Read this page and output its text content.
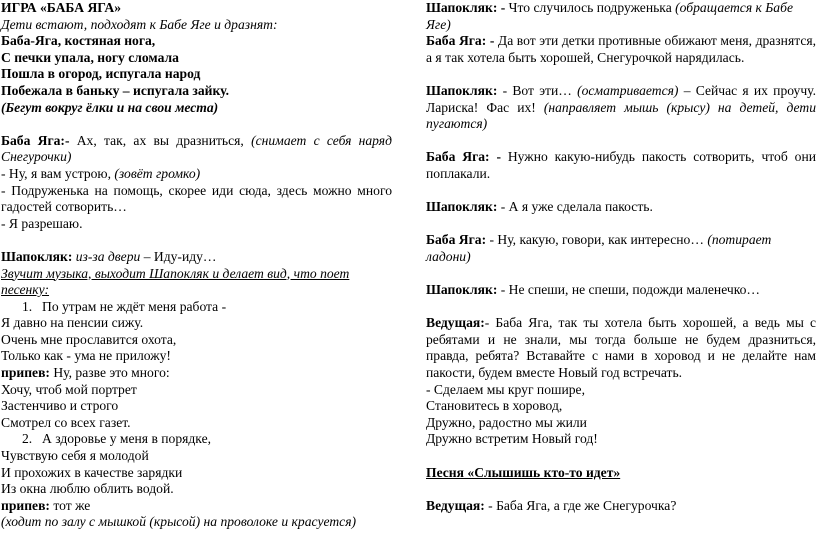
ИГРА «БАБА ЯГА»

Дети встают, подходят к Бабе Яге и дразнят:

Баба-Яга, костяная нога,

С печки упала, ногу сломала

Пошла в огород, испугала народ

Побежала в баньку – испугала зайку.

(Бегут вокруг ёлки и на свои места)

Баба Яга:- Ах, так, ах вы дразниться, (снимает с себя наряд Снегурочки)

- Ну, я вам устрою, (зовёт громко)

- Подруженька на помощь, скорее иди сюда, здесь можно много гадостей сотворить…

- Я разрешаю.

Шапокляк: из-за двери – Иду-иду…

Звучит музыка, выходит Шапокляк и делает вид, что поет песенку:

1. По утрам не ждёт меня работа -

Я давно на пенсии сижу.

Очень мне прославится охота,

Только как - ума не приложу!

припев: Ну, разве это много:

Хочу, чтоб мой портрет

Застенчиво и строго

Смотрел со всех газет.

2. А здоровье у меня в порядке,

Чувствую себя я молодой

И прохожих в качестве зарядки

Из окна люблю облить водой.

припев: тот же

(ходит по залу с мышкой (крысой) на проволоке и красуется)

Шапокляк: - Что случилось подруженька (обращается к Бабе Яге)

Баба Яга: - Да вот эти детки противные обижают меня, дразнятся, а я так хотела быть хорошей, Снегурочкой нарядилась.

Шапокляк: - Вот эти… (осматривается) – Сейчас я их проучу. Лариска! Фас их! (направляет мышь (крысу) на детей, дети пугаются)

Баба Яга: - Нужно какую-нибудь пакость сотворить, чтоб они поплакали.

Шапокляк: - А я уже сделала пакость.

Баба Яга: - Ну, какую, говори, как интересно… (потирает ладони)

Шапокляк: - Не спеши, не спеши, подожди маленечко…

Ведущая:- Баба Яга, так ты хотела быть хорошей, а ведь мы с ребятами и не знали, мы тогда больше не будем дразниться, правда, ребята? Вставайте с нами в хоровод и не делайте нам пакости, будем вместе Новый год встречать.

- Сделаем мы круг пошире,

Становитесь в хоровод,

Дружно, радостно мы жили

Дружно встретим Новый год!

Песня «Слышишь кто-то идет»

Ведущая: - Баба Яга, а где же Снегурочка?
